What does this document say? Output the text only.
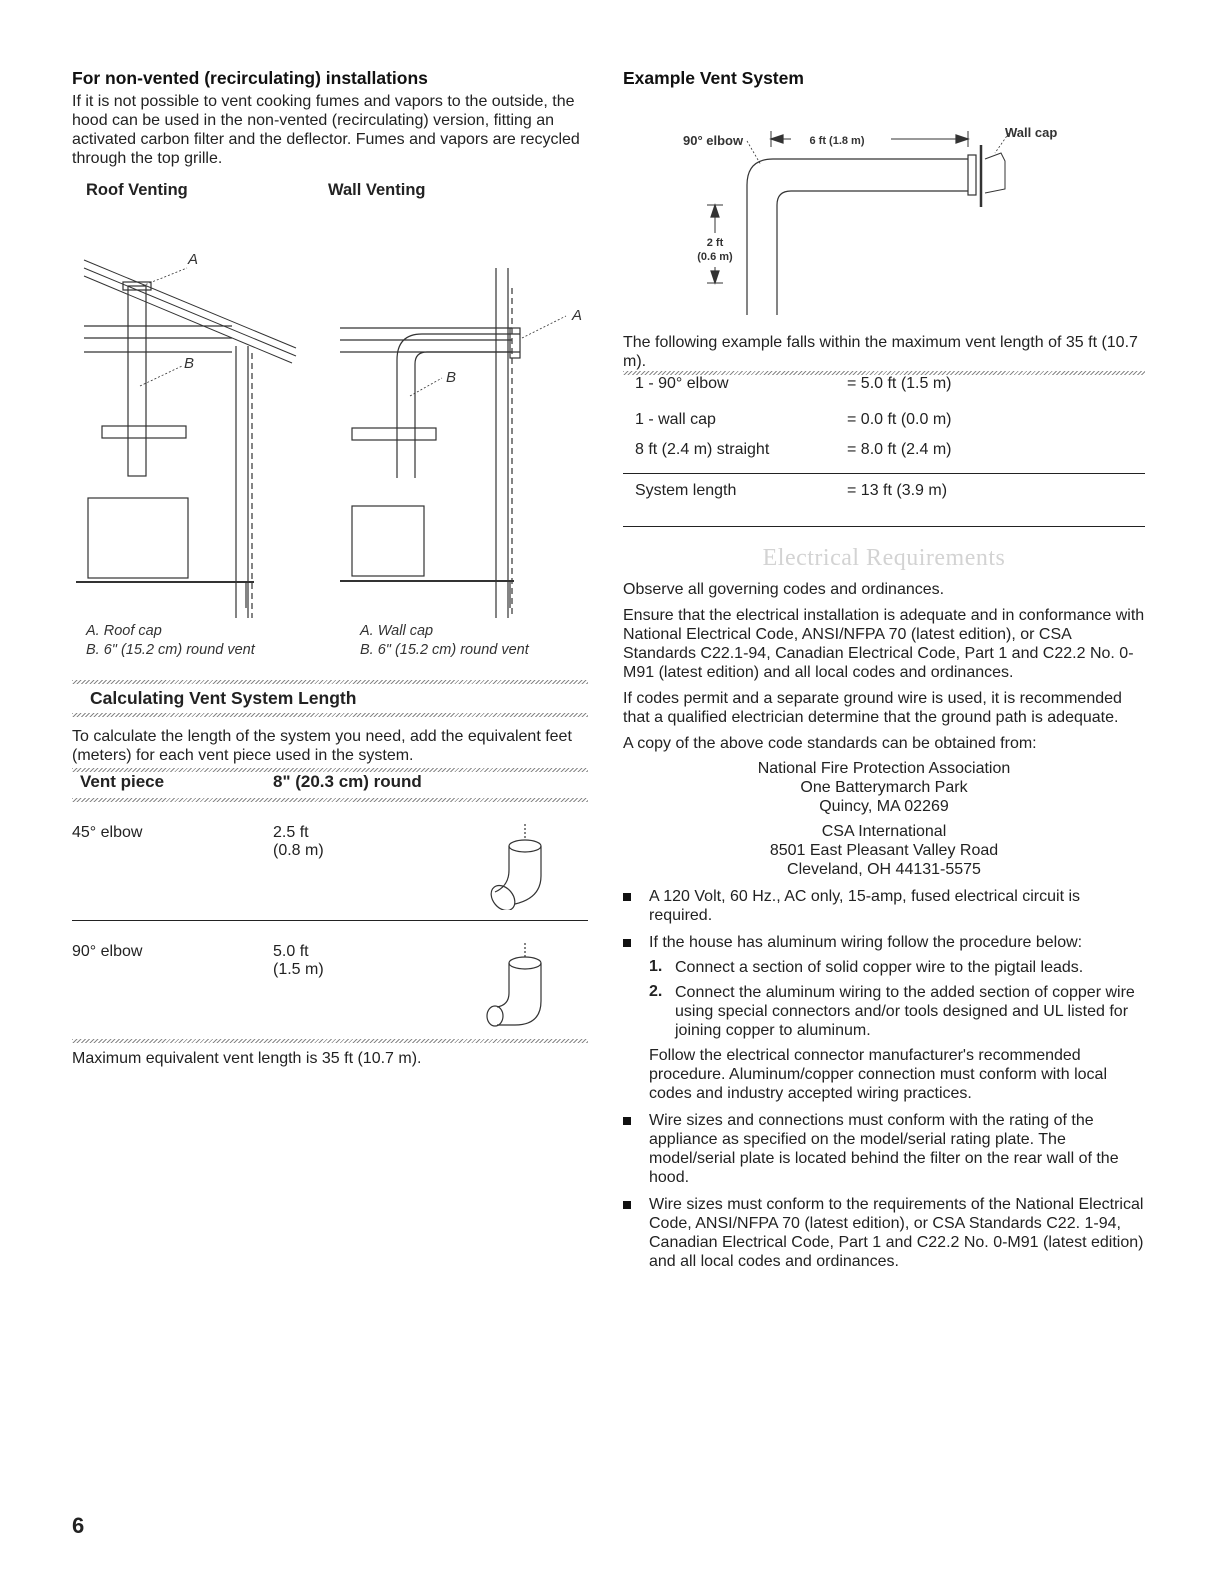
For non-vented (recirculating) installations

If it is not possible to vent cooking fumes and vapors to the outside, the hood can be used in the non-vented (recirculating) version, fitting an activated carbon filter and the deflector. Fumes and vapors are recycled through the top grille.

Roof Venting	Wall Venting
A
B
A
B
A. Roof cap
B. 6" (15.2 cm) round vent
A. Wall cap
B. 6" (15.2 cm) round vent
Calculating Vent System Length

To calculate the length of the system you need, add the equivalent feet (meters) for each vent piece used in the system.

Vent piece	8" (20.3 cm) round
45° elbow	2.5 ft
(0.8 m)

90° elbow	5.0 ft
(1.5 m)

Maximum equivalent vent length is 35 ft (10.7 m).

Example Vent System
90° elbow	6 ft (1.8 m)
Wall cap
2 ft
(0.6 m)

The following example falls within the maximum vent length of 35 ft (10.7 m).

1 - 90° elbow	= 5.0 ft (1.5 m)
1 - wall cap	= 0.0 ft (0.0 m)
8 ft (2.4 m) straight	= 8.0 ft (2.4 m)
System length	= 13 ft (3.9 m)
Electrical Requirements

Observe all governing codes and ordinances.

Ensure that the electrical installation is adequate and in conformance with National Electrical Code, ANSI/NFPA 70 (latest edition), or CSA Standards C22.1-94, Canadian Electrical Code, Part 1 and C22.2 No. 0-M91 (latest edition) and all local codes and ordinances.

If codes permit and a separate ground wire is used, it is recommended that a qualified electrician determine that the ground path is adequate.

A copy of the above code standards can be obtained from:

National Fire Protection Association
One Batterymarch Park
Quincy, MA 02269
CSA International
8501 East Pleasant Valley Road
Cleveland, OH 44131-5575

A 120 Volt, 60 Hz., AC only, 15-amp, fused electrical circuit is required.

If the house has aluminum wiring follow the procedure below:

1. Connect a section of solid copper wire to the pigtail leads.

2. Connect the aluminum wiring to the added section of copper wire using special connectors and/or tools designed and UL listed for joining copper to aluminum.

Follow the electrical connector manufacturer's recommended procedure. Aluminum/copper connection must conform with local codes and industry accepted wiring practices.

Wire sizes and connections must conform with the rating of the appliance as specified on the model/serial rating plate. The model/serial plate is located behind the filter on the rear wall of the hood.

Wire sizes must conform to the requirements of the National Electrical Code, ANSI/NFPA 70 (latest edition), or CSA Standards C22. 1-94, Canadian Electrical Code, Part 1 and C22.2 No. 0-M91 (latest edition) and all local codes and ordinances.

6
